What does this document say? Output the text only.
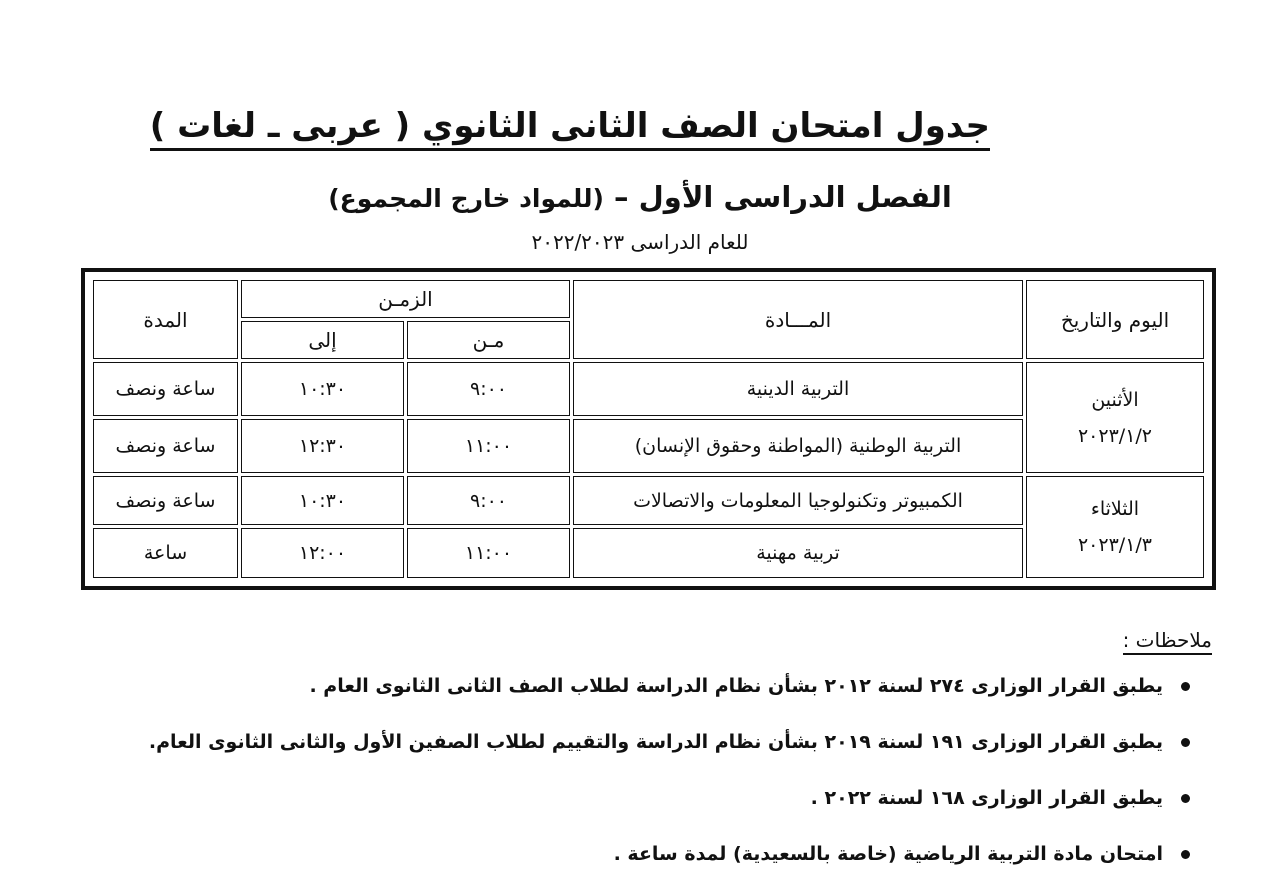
جدول امتحان الصف الثانى الثانوي ( عربى ـ لغات )
الفصل الدراسى الأول – (للمواد خارج المجموع)
للعام الدراسى ٢٠٢٢/٢٠٢٣
اليوم والتاريخ	المـــادة	الزمـن		المدة
		مـن	إلى	

الأثنين
٢٠٢٣/١/٢	التربية الدينية	٩:٠٠	١٠:٣٠	ساعة ونصف
	التربية الوطنية (المواطنة وحقوق الإنسان)	١١:٠٠	١٢:٣٠	ساعة ونصف

الثلاثاء
٢٠٢٣/١/٣	الكمبيوتر وتكنولوجيا المعلومات والاتصالات	٩:٠٠	١٠:٣٠	ساعة ونصف
	تربية مهنية	١١:٠٠	١٢:٠٠	ساعة
ملاحظات :
يطبق القرار الوزارى ٢٧٤ لسنة ٢٠١٢ بشأن نظام الدراسة لطلاب الصف الثانى الثانوى العام .
يطبق القرار الوزارى ١٩١ لسنة ٢٠١٩ بشأن نظام الدراسة والتقييم لطلاب الصفين الأول والثانى الثانوى العام.
يطبق القرار الوزارى ١٦٨ لسنة ٢٠٢٢ .
امتحان مادة التربية الرياضية (خاصة بالسعيدية) لمدة ساعة .
